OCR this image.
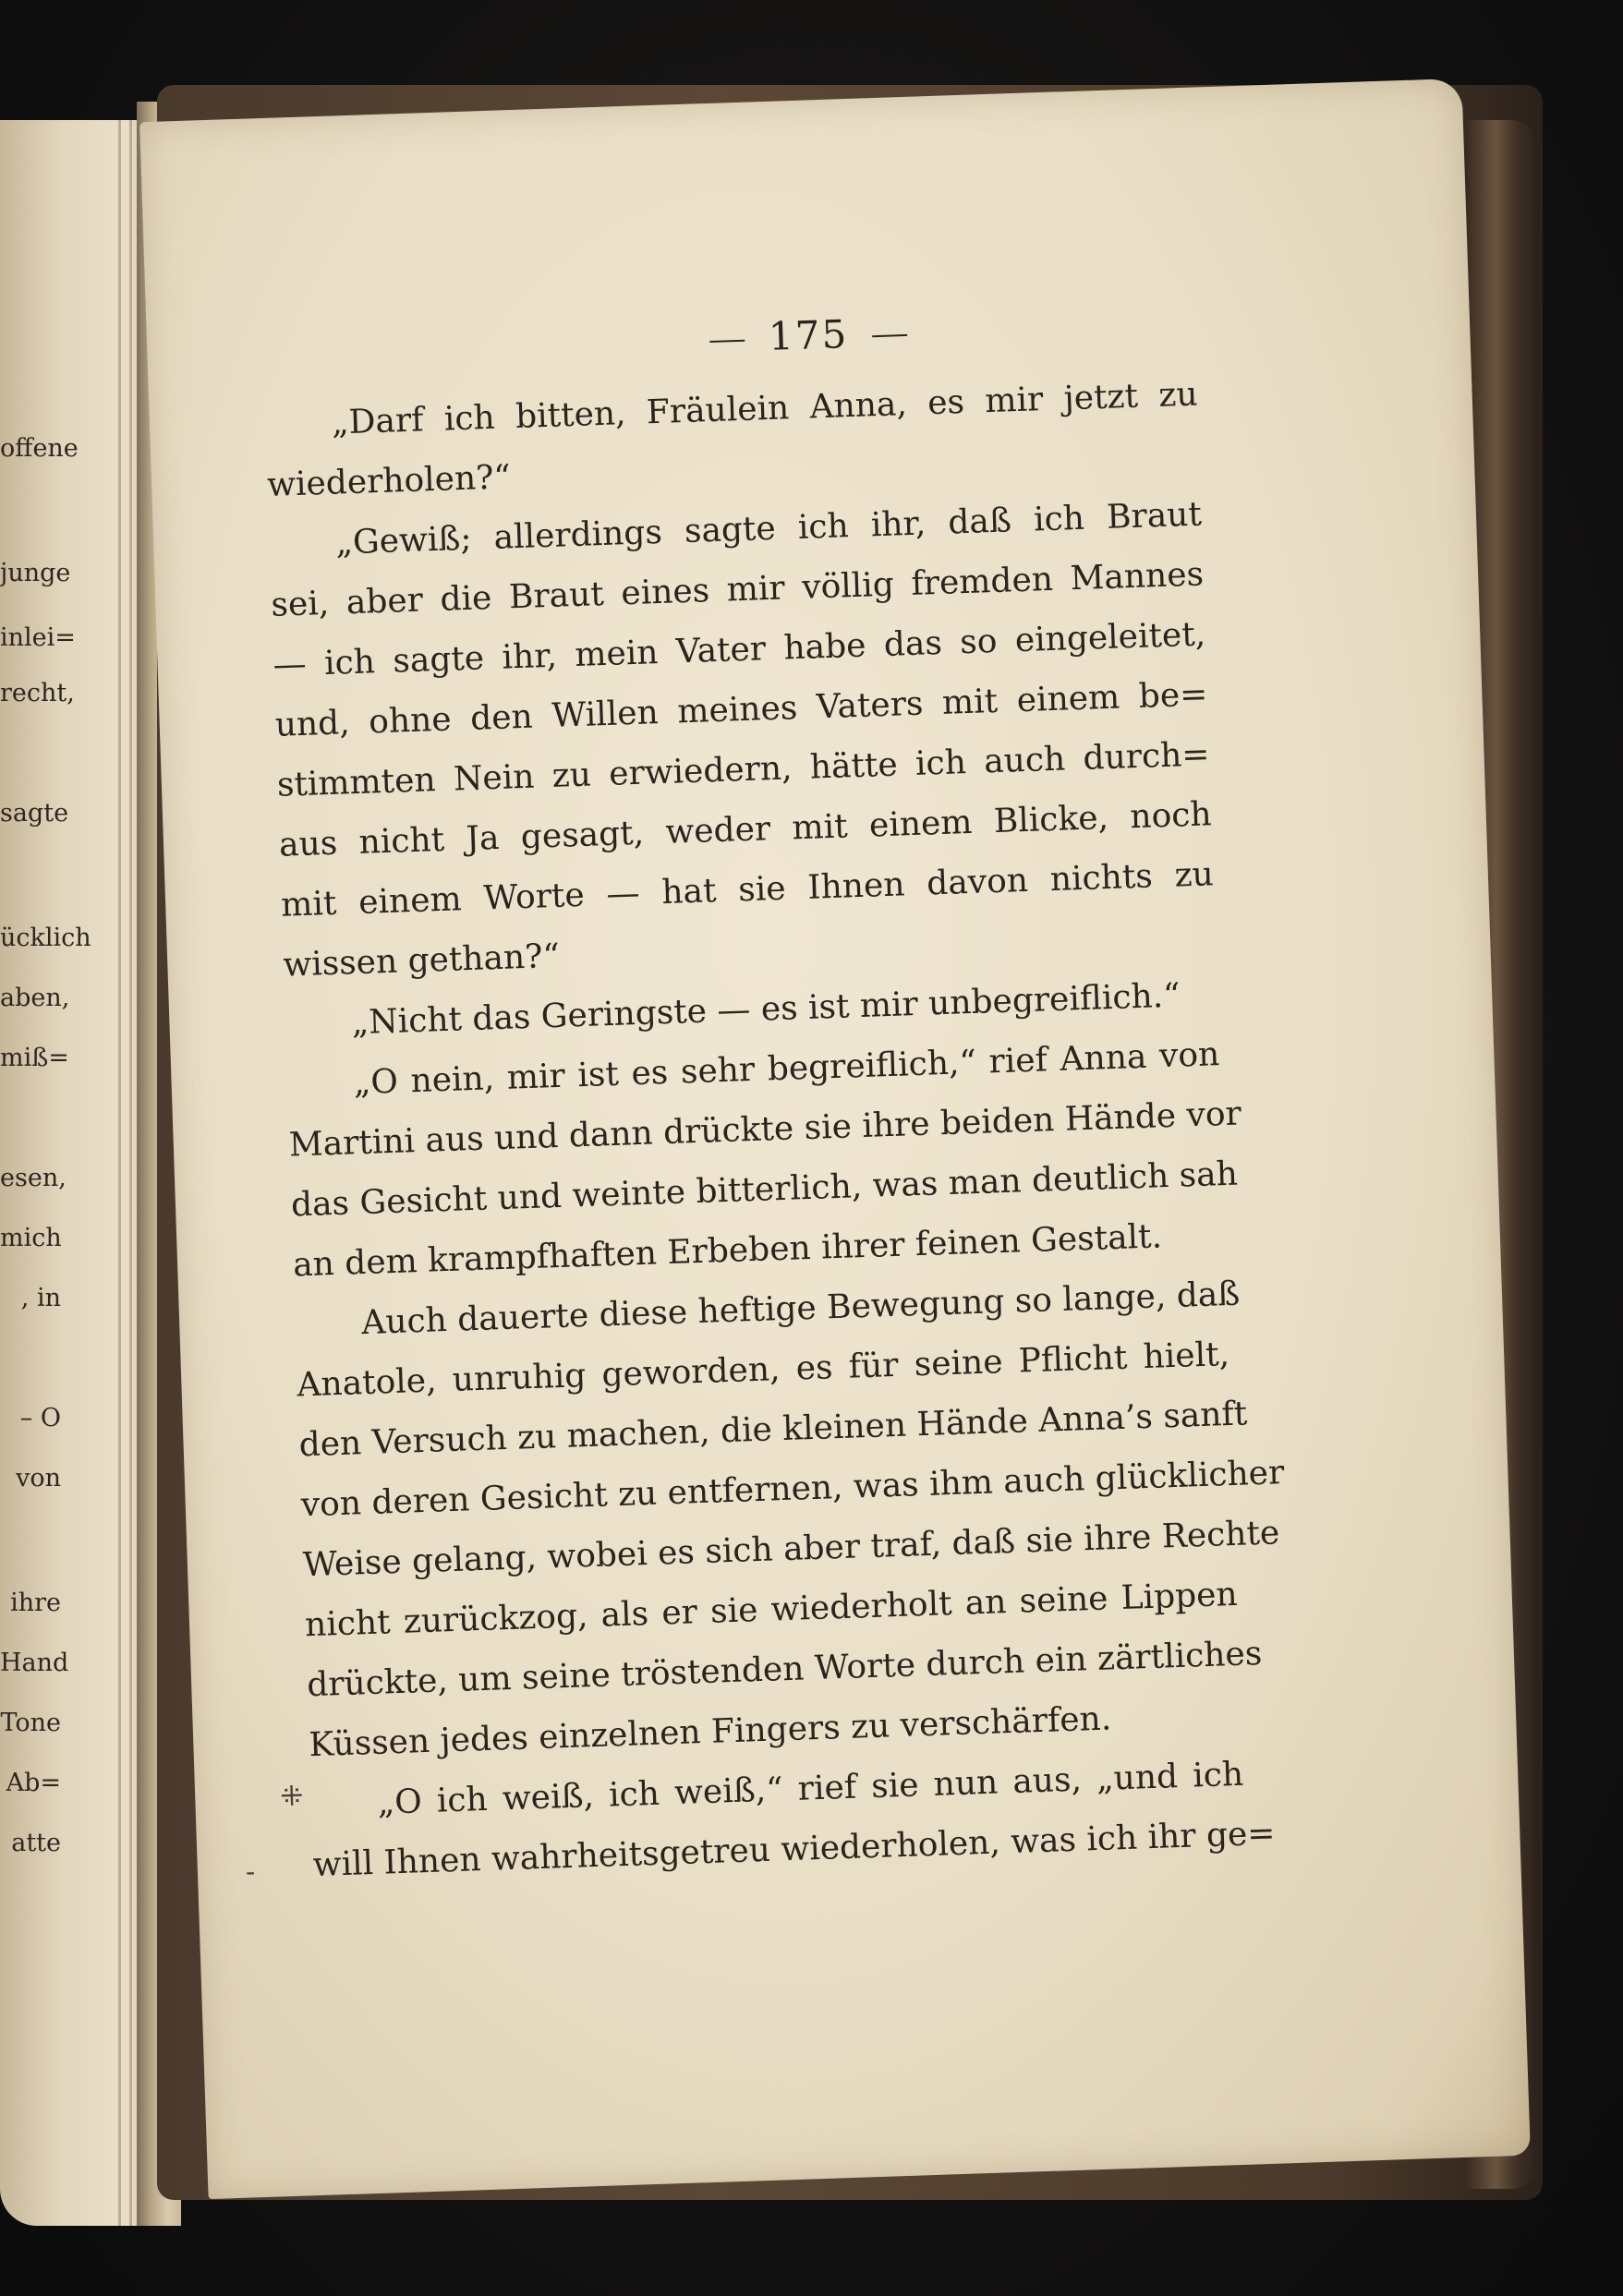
offene
junge
inlei=
recht,
sagte
ücklich
aben,
miß=
esen,
mich
, in
– O
von
ihre
Hand
Tone
Ab=
atte
175
„Darf ich bitten, Fräulein Anna, es mir jetzt zu
wiederholen?“
„Gewiß; allerdings sagte ich ihr, daß ich Braut
sei, aber die Braut eines mir völlig fremden Mannes
— ich sagte ihr, mein Vater habe das so eingeleitet,
und, ohne den Willen meines Vaters mit einem be=
stimmten Nein zu erwiedern, hätte ich auch durch=
aus nicht Ja gesagt, weder mit einem Blicke, noch
mit einem Worte — hat sie Ihnen davon nichts zu
wissen gethan?“
„Nicht das Geringste — es ist mir unbegreiflich.“
„O nein, mir ist es sehr begreiflich,“ rief Anna von
Martini aus und dann drückte sie ihre beiden Hände vor
das Gesicht und weinte bitterlich, was man deutlich sah
an dem krampfhaften Erbeben ihrer feinen Gestalt.
Auch dauerte diese heftige Bewegung so lange, daß
Anatole, unruhig geworden, es für seine Pflicht hielt,
den Versuch zu machen, die kleinen Hände Anna’s sanft
von deren Gesicht zu entfernen, was ihm auch glücklicher
Weise gelang, wobei es sich aber traf, daß sie ihre Rechte
nicht zurückzog, als er sie wiederholt an seine Lippen
drückte, um seine tröstenden Worte durch ein zärtliches
Küssen jedes einzelnen Fingers zu verschärfen.
„O ich weiß, ich weiß,“ rief sie nun aus, „und ich
will Ihnen wahrheitsgetreu wiederholen, was ich ihr ge=
⁜
-
